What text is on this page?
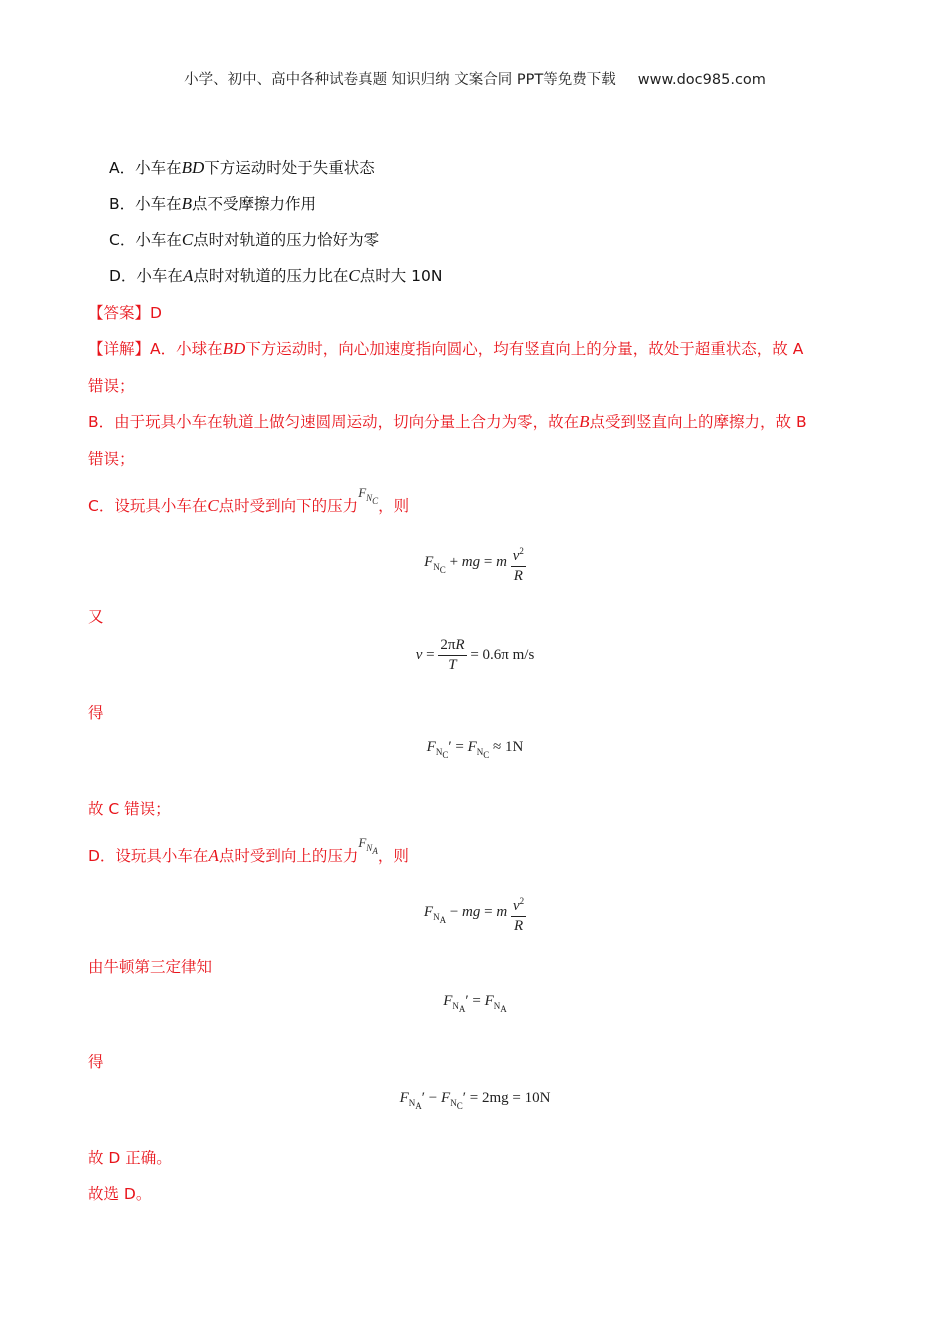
小学、初中、高中各种试卷真题 知识归纳 文案合同 PPT等免费下载 www.doc985.com
A．小车在BD下方运动时处于失重状态
B．小车在B点不受摩擦力作用
C．小车在C点时对轨道的压力恰好为零
D．小车在A点时对轨道的压力比在C点时大 10N
【答案】D
【详解】A．小球在BD下方运动时，向心加速度指向圆心，均有竖直向上的分量，故处于超重状态，故 A
错误；
B．由于玩具小车在轨道上做匀速圆周运动，切向分量上合力为零，故在B点受到竖直向上的摩擦力，故 B
错误；
C．设玩具小车在C点时受到向下的压力$^{F_{N_C}}$，则
$F_{N_C}$ + mg = m $\frac{v^2}{R}$
又
$v = \frac{2\pi R}{T} = 0.6\pi$ m/s
得
$F_{N_C}' = F_{N_C} \approx 1N$
故 C 错误；
D．设玩具小车在A点时受到向上的压力$^{F_{N_A}}$，则
$F_{N_A}$ − mg = m $\frac{v^2}{R}$
由牛顿第三定律知
$F_{N_A}' = F_{N_A}$
得
$F_{N_A}' - F_{N_C}' = 2mg = 10N$
故 D 正确。
故选 D。
